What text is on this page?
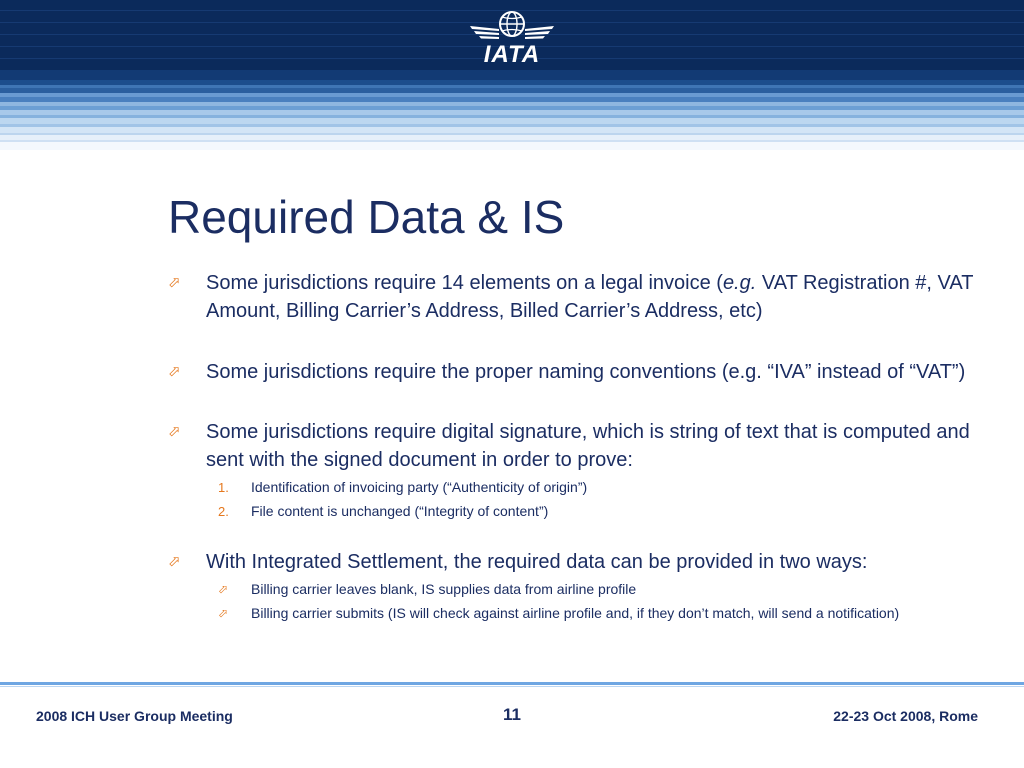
IATA
Required Data & IS
⬀ Some jurisdictions require 14 elements on a legal invoice (e.g. VAT Registration #, VAT Amount, Billing Carrier’s Address, Billed Carrier’s Address, etc)
⬀ Some jurisdictions require the proper naming conventions (e.g. “IVA” instead of “VAT”)
⬀ Some jurisdictions require digital signature, which is string of text that is computed and sent with the signed document in order to prove:
1. Identification of invoicing party (“Authenticity of origin”)
2. File content is unchanged (“Integrity of content”)
⬀ With Integrated Settlement, the required data can be provided in two ways:
⬀ Billing carrier leaves blank, IS supplies data from airline profile
⬀ Billing carrier submits (IS will check against airline profile and, if they don’t match, will send a notification)
2008 ICH User Group Meeting	11	22-23 Oct 2008, Rome
